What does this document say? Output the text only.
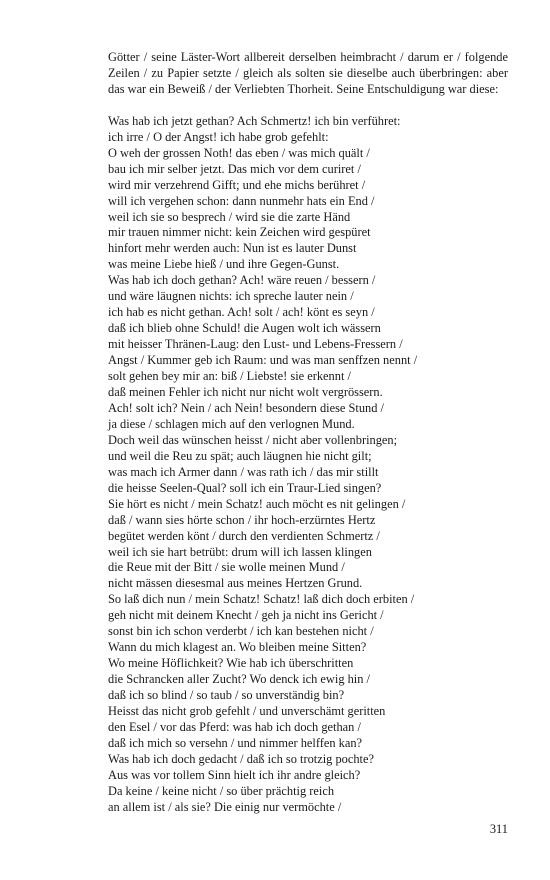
Götter / seine Läster-Wort allbereit derselben heimbracht / darum er / folgende Zeilen / zu Papier setzte / gleich als solten sie dieselbe auch überbringen: aber das war ein Beweiß / der Verliebten Thorheit. Seine Entschuldigung war diese:

Was hab ich jetzt gethan? Ach Schmertz! ich bin verführet:
ich irre / O der Angst! ich habe grob gefehlt:
O weh der grossen Noth! das eben / was mich quält /
bau ich mir selber jetzt. Das mich vor dem curiret /
wird mir verzehrend Gifft; und ehe michs berühret /
will ich vergehen schon: dann nunmehr hats ein End /
weil ich sie so besprech / wird sie die zarte Händ
mir trauen nimmer nicht: kein Zeichen wird gespüret
hinfort mehr werden auch: Nun ist es lauter Dunst
was meine Liebe hieß / und ihre Gegen-Gunst.
Was hab ich doch gethan? Ach! wäre reuen / bessern /
und wäre läugnen nichts: ich spreche lauter nein /
ich hab es nicht gethan. Ach! solt / ach! könt es seyn /
daß ich blieb ohne Schuld! die Augen wolt ich wässern
mit heisser Thränen-Laug: den Lust- und Lebens-Fressern /
Angst / Kummer geb ich Raum: und was man senffzen nennt /
solt gehen bey mir an: biß / Liebste! sie erkennt /
daß meinen Fehler ich nicht nur nicht wolt vergrössern.
Ach! solt ich? Nein / ach Nein! besondern diese Stund /
ja diese / schlagen mich auf den verlognen Mund.
Doch weil das wünschen heisst / nicht aber vollenbringen;
und weil die Reu zu spät; auch läugnen hie nicht gilt;
was mach ich Armer dann / was rath ich / das mir stillt
die heisse Seelen-Qual? soll ich ein Traur-Lied singen?
Sie hört es nicht / mein Schatz! auch möcht es nit gelingen /
daß / wann sies hörte schon / ihr hoch-erzürntes Hertz
begütet werden könt / durch den verdienten Schmertz /
weil ich sie hart betrübt: drum will ich lassen klingen
die Reue mit der Bitt / sie wolle meinen Mund /
nicht mässen diesesmal aus meines Hertzen Grund.
So laß dich nun / mein Schatz! Schatz! laß dich doch erbiten /
geh nicht mit deinem Knecht / geh ja nicht ins Gericht /
sonst bin ich schon verderbt / ich kan bestehen nicht /
Wann du mich klagest an. Wo bleiben meine Sitten?
Wo meine Höflichkeit? Wie hab ich überschritten
die Schrancken aller Zucht? Wo denck ich ewig hin /
daß ich so blind / so taub / so unverständig bin?
Heisst das nicht grob gefehlt / und unverschämt geritten
den Esel / vor das Pferd: was hab ich doch gethan /
daß ich mich so versehn / und nimmer helffen kan?
Was hab ich doch gedacht / daß ich so trotzig pochte?
Aus was vor tollem Sinn hielt ich ihr andre gleich?
Da keine / keine nicht / so über prächtig reich
an allem ist / als sie? Die einig nur vermöchte /
311
